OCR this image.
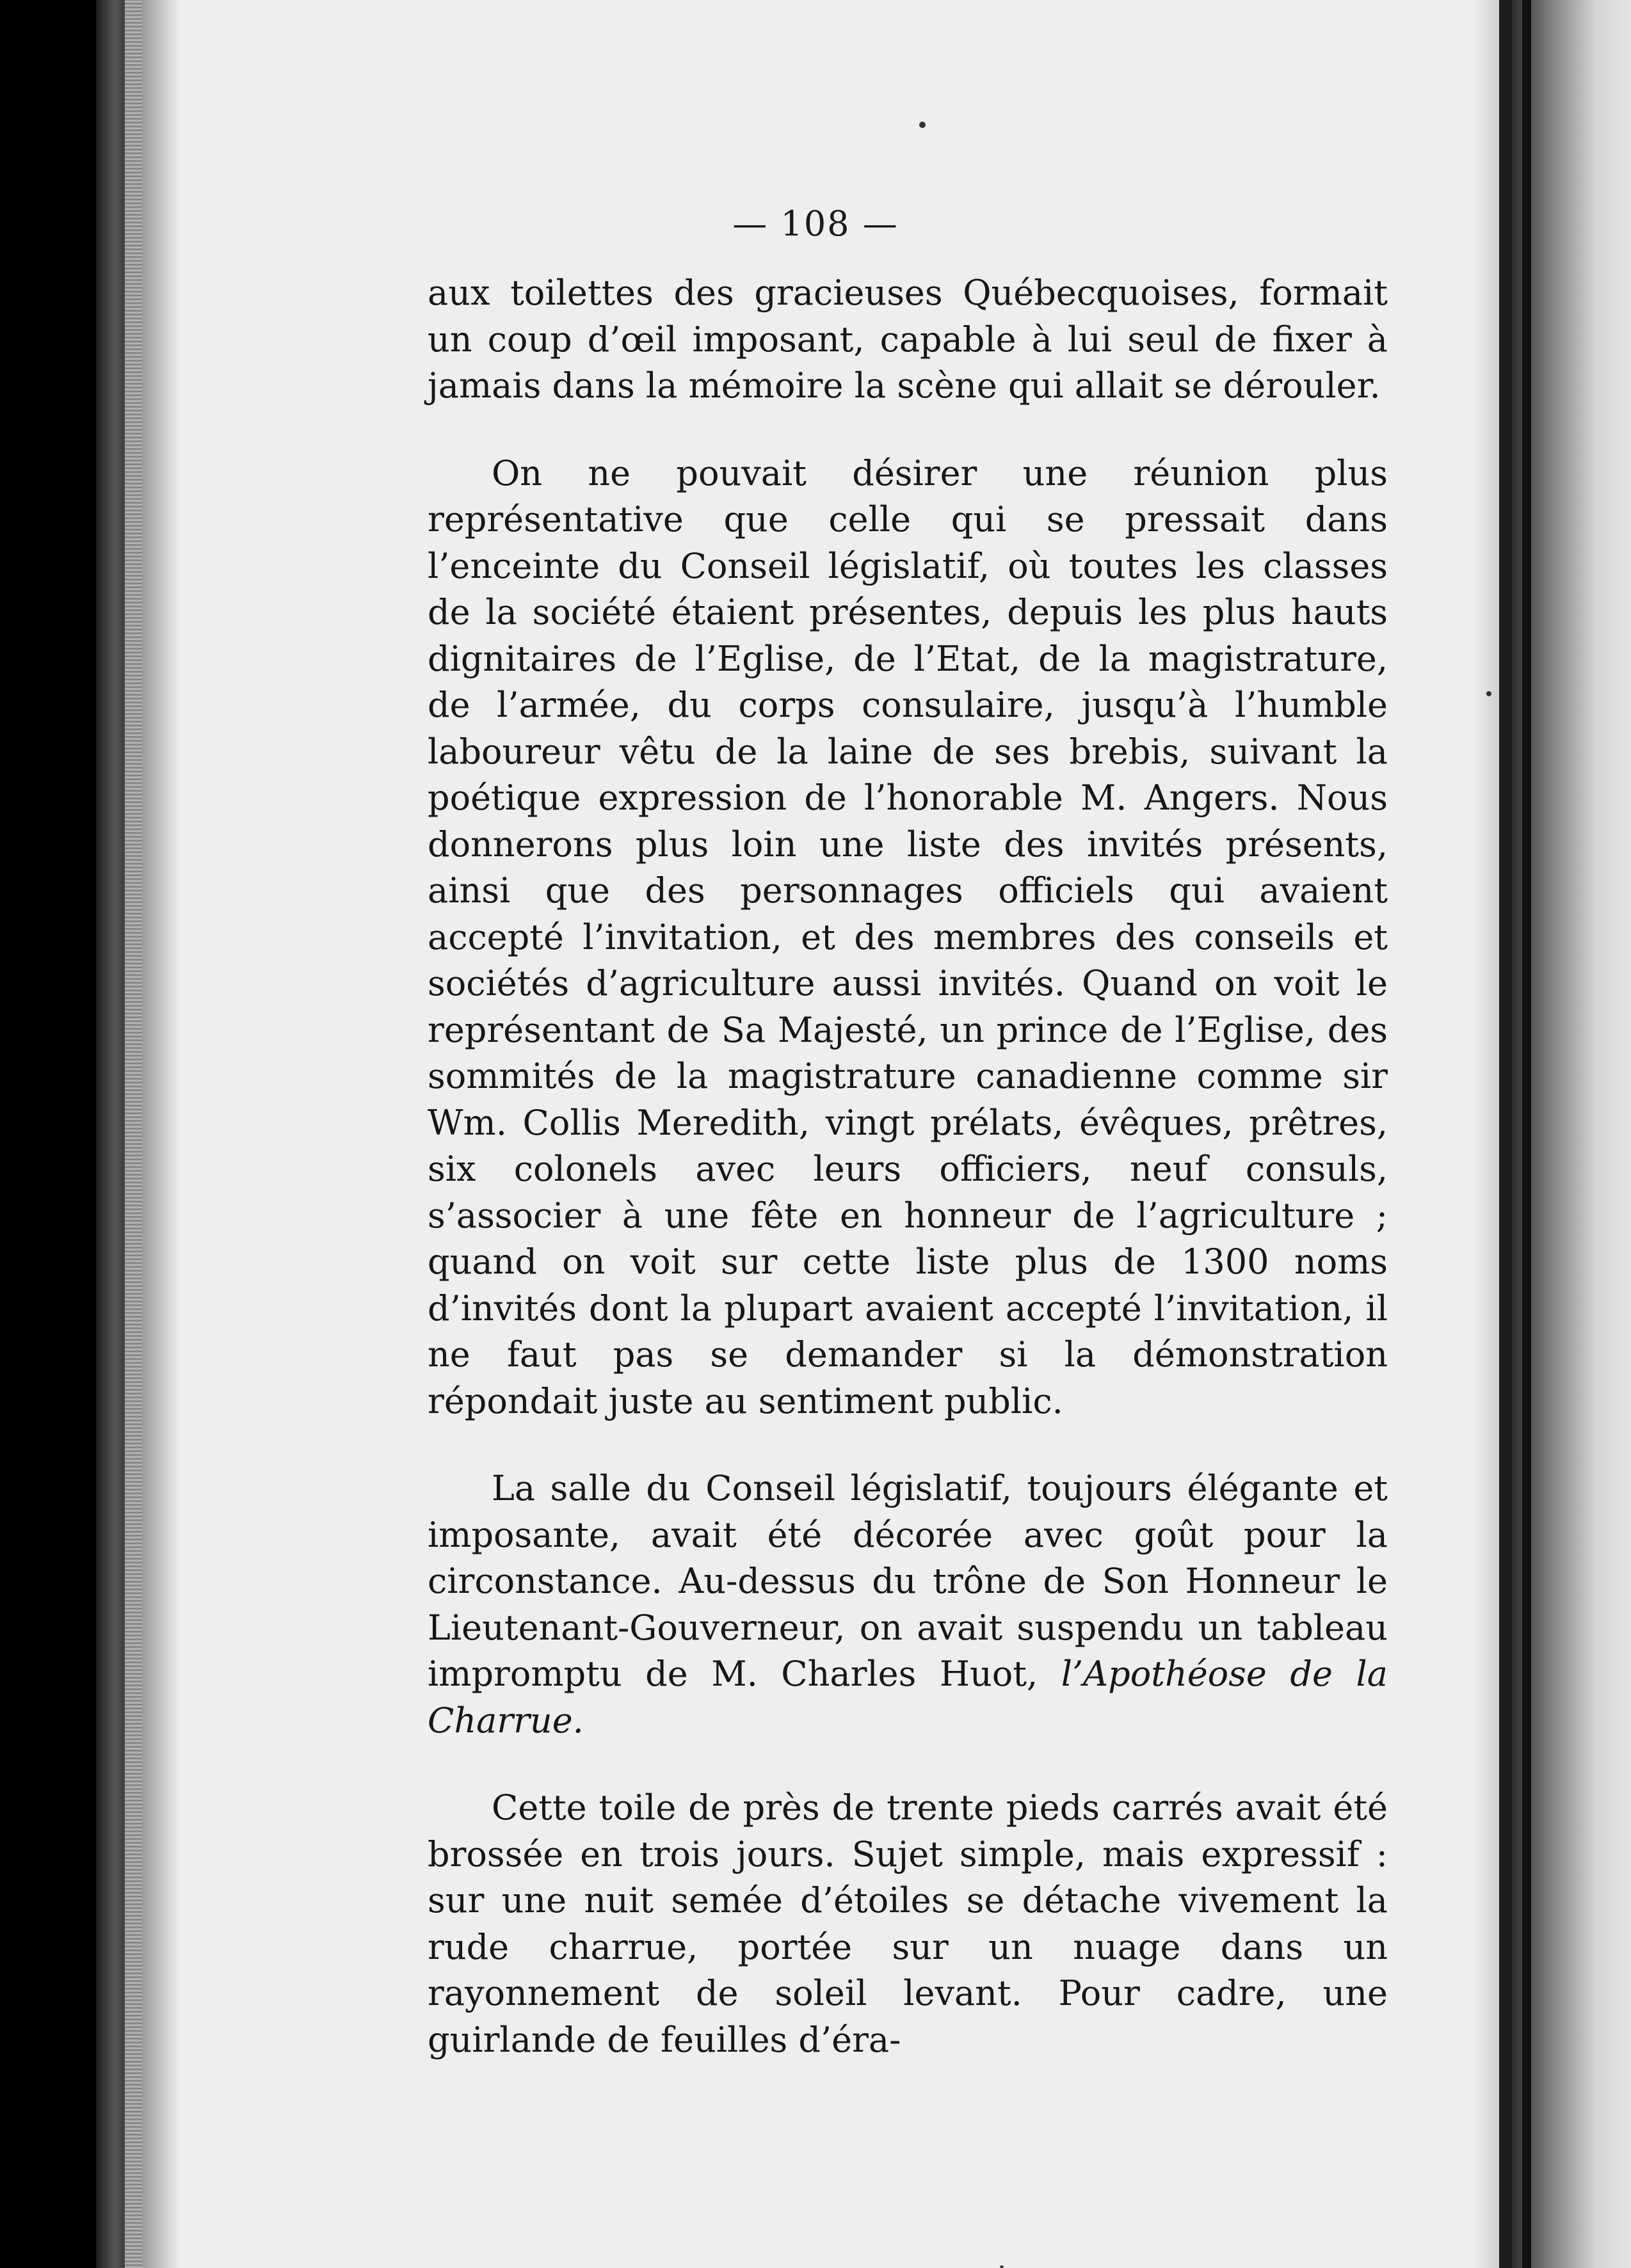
— 108 —

aux toilettes des gracieuses Québecquoises, formait un coup d’œil imposant, capable à lui seul de fixer à jamais dans la mémoire la scène qui allait se dérouler.

On ne pouvait désirer une réunion plus représentative que celle qui se pressait dans l’enceinte du Conseil législatif, où toutes les classes de la société étaient présentes, depuis les plus hauts dignitaires de l’Eglise, de l’Etat, de la magistrature, de l’armée, du corps consulaire, jusqu’à l’humble laboureur vêtu de la laine de ses brebis, suivant la poétique expression de l’honorable M. Angers. Nous donnerons plus loin une liste des invités présents, ainsi que des personnages officiels qui avaient accepté l’invitation, et des membres des conseils et sociétés d’agriculture aussi invités. Quand on voit le représentant de Sa Majesté, un prince de l’Eglise, des sommités de la magistrature canadienne comme sir Wm. Collis Meredith, vingt prélats, évêques, prêtres, six colonels avec leurs officiers, neuf consuls, s’associer à une fête en honneur de l’agriculture ; quand on voit sur cette liste plus de 1300 noms d’invités dont la plupart avaient accepté l’invitation, il ne faut pas se demander si la démonstration répondait juste au sentiment public.

La salle du Conseil législatif, toujours élégante et imposante, avait été décorée avec goût pour la circonstance. Au-dessus du trône de Son Honneur le Lieutenant-Gouverneur, on avait suspendu un tableau impromptu de M. Charles Huot, l’Apothéose de la Charrue.

Cette toile de près de trente pieds carrés avait été brossée en trois jours. Sujet simple, mais expressif : sur une nuit semée d’étoiles se détache vivement la rude charrue, portée sur un nuage dans un rayonnement de soleil levant. Pour cadre, une guirlande de feuilles d’éra-
